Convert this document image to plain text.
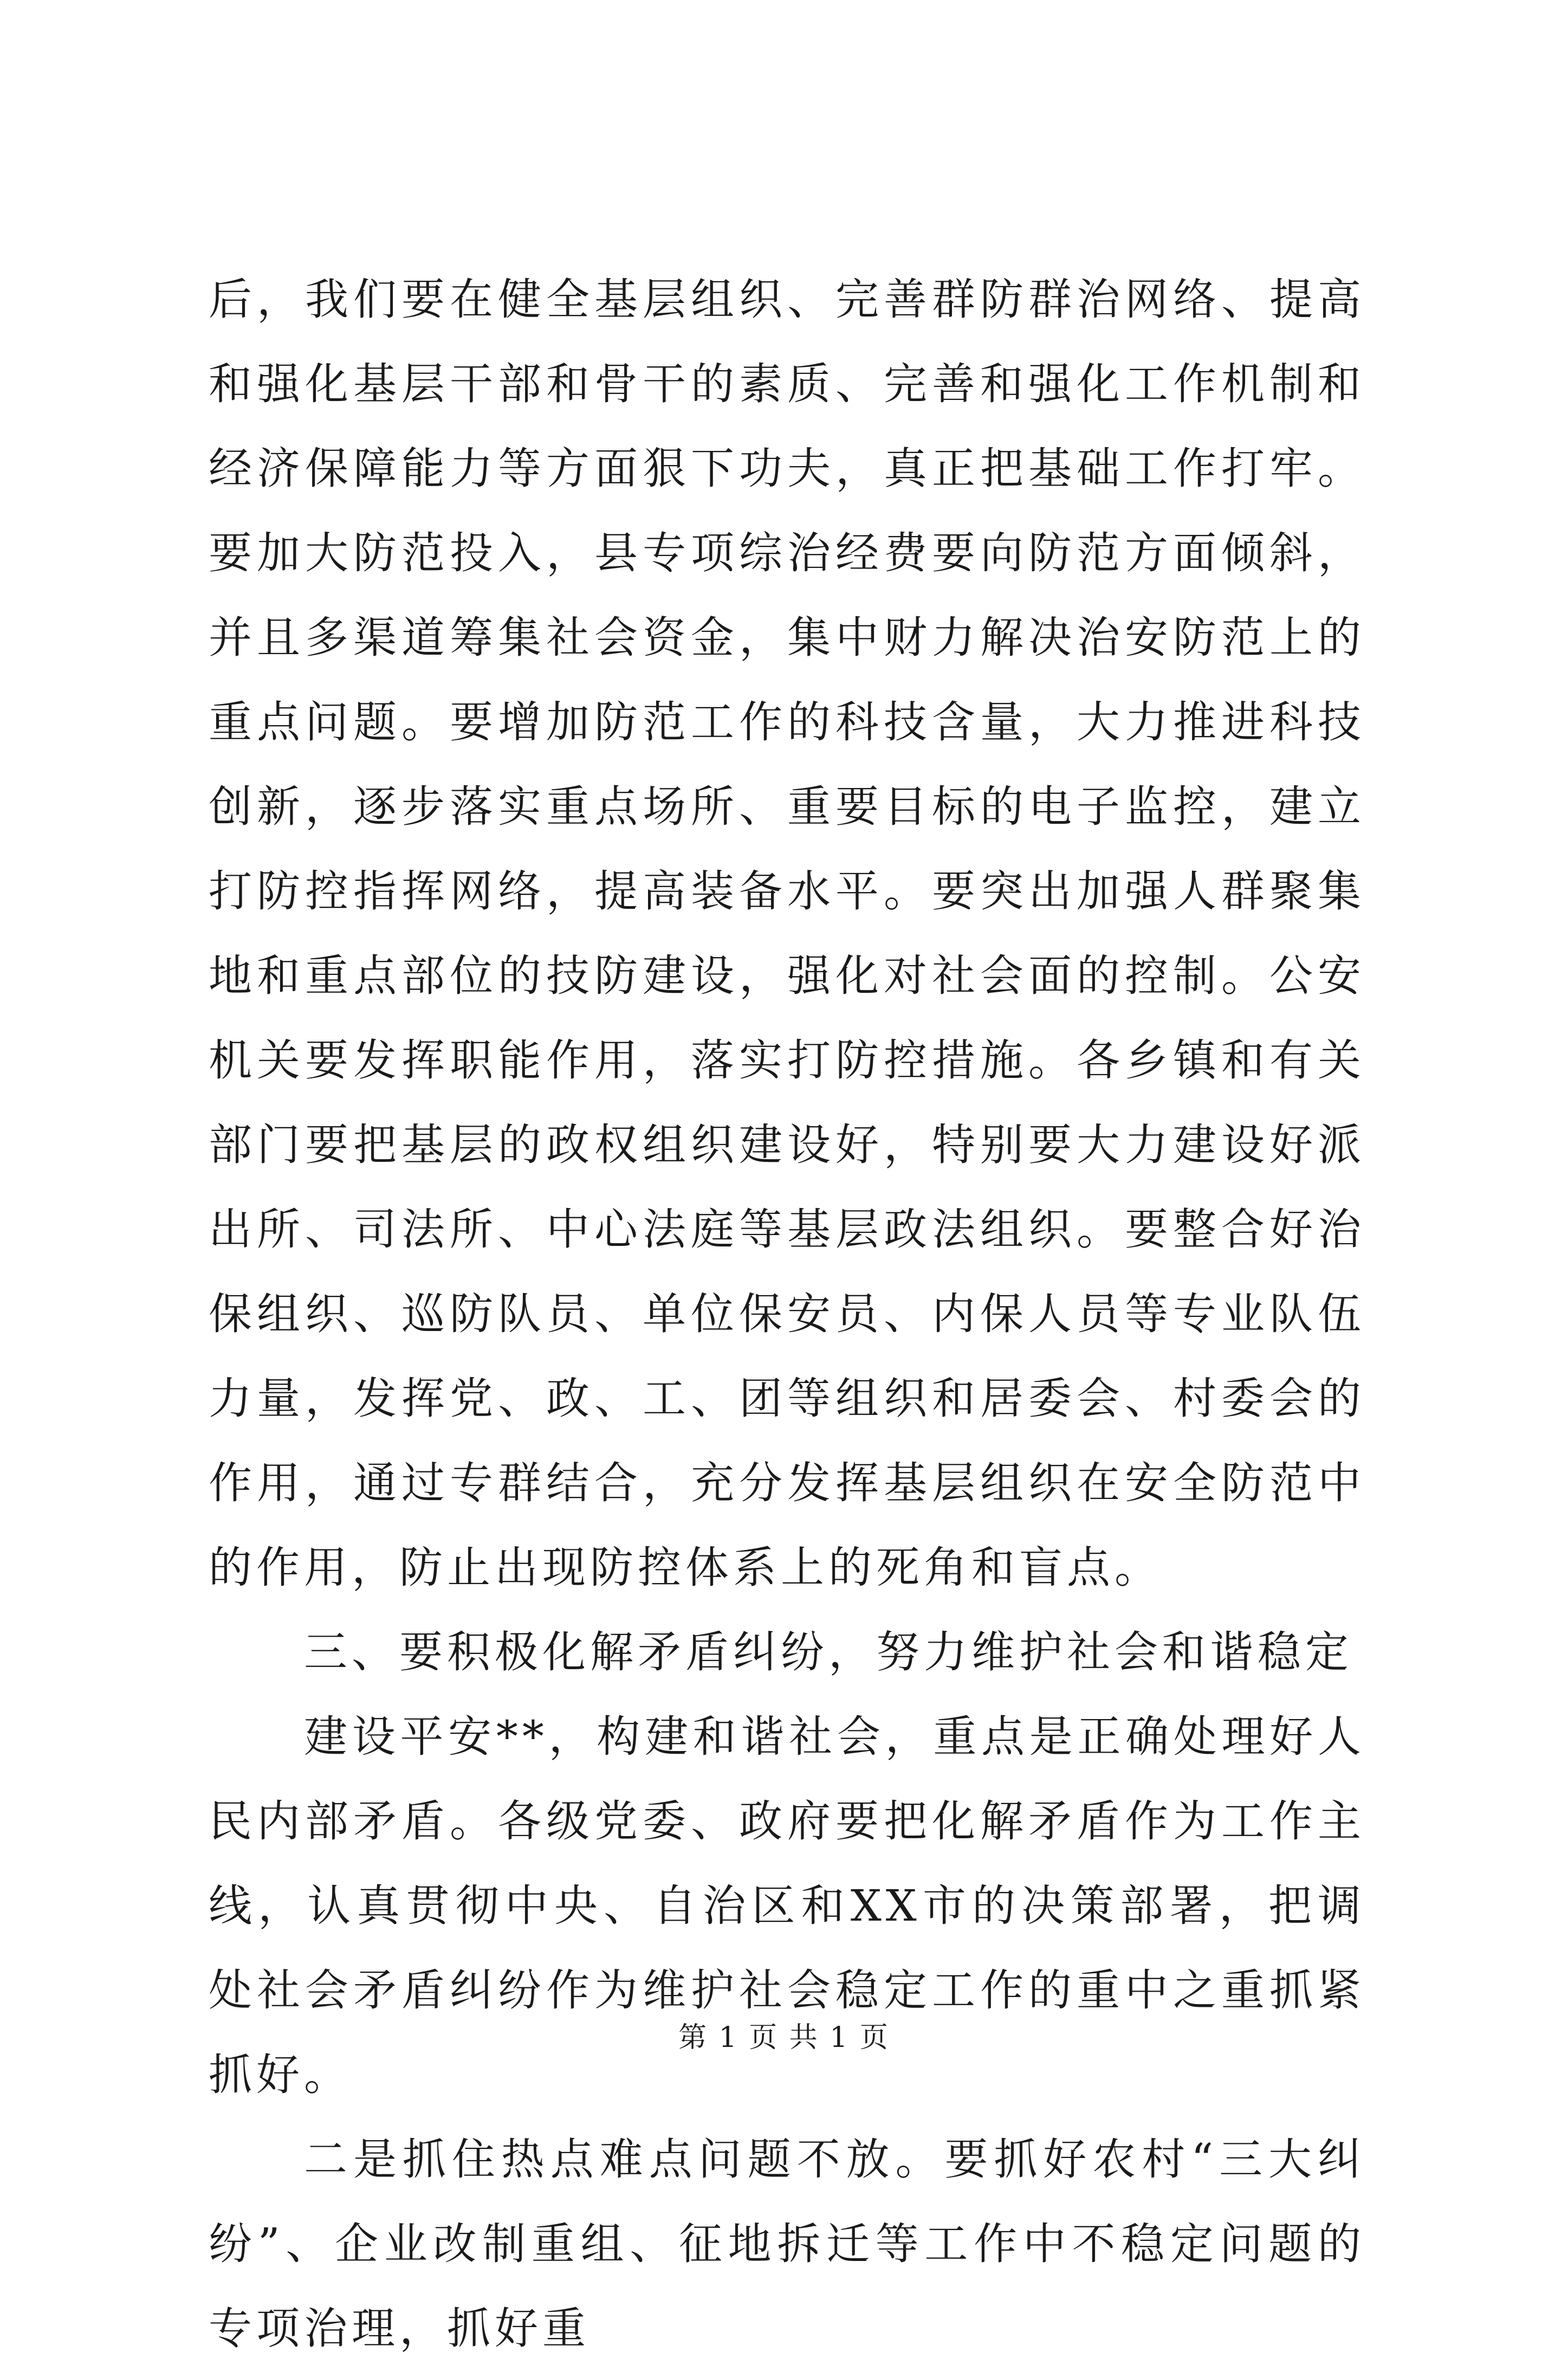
后，我们要在健全基层组织、完善群防群治网络、提高和强化基层干部和骨干的素质、完善和强化工作机制和经济保障能力等方面狠下功夫，真正把基础工作打牢。要加大防范投入，县专项综治经费要向防范方面倾斜，并且多渠道筹集社会资金，集中财力解决治安防范上的重点问题。要增加防范工作的科技含量，大力推进科技创新，逐步落实重点场所、重要目标的电子监控，建立打防控指挥网络，提高装备水平。要突出加强人群聚集地和重点部位的技防建设，强化对社会面的控制。公安机关要发挥职能作用，落实打防控措施。各乡镇和有关部门要把基层的政权组织建设好，特别要大力建设好派出所、司法所、中心法庭等基层政法组织。要整合好治保组织、巡防队员、单位保安员、内保人员等专业队伍力量，发挥党、政、工、团等组织和居委会、村委会的作用，通过专群结合，充分发挥基层组织在安全防范中的作用，防止出现防控体系上的死角和盲点。

三、要积极化解矛盾纠纷，努力维护社会和谐稳定

建设平安**，构建和谐社会，重点是正确处理好人民内部矛盾。各级党委、政府要把化解矛盾作为工作主线，认真贯彻中央、自治区和XX市的决策部署，把调处社会矛盾纠纷作为维护社会稳定工作的重中之重抓紧抓好。

二是抓住热点难点问题不放。要抓好农村“三大纠纷”、企业改制重组、征地拆迁等工作中不稳定问题的专项治理，抓好重

第 1 页 共 1 页
